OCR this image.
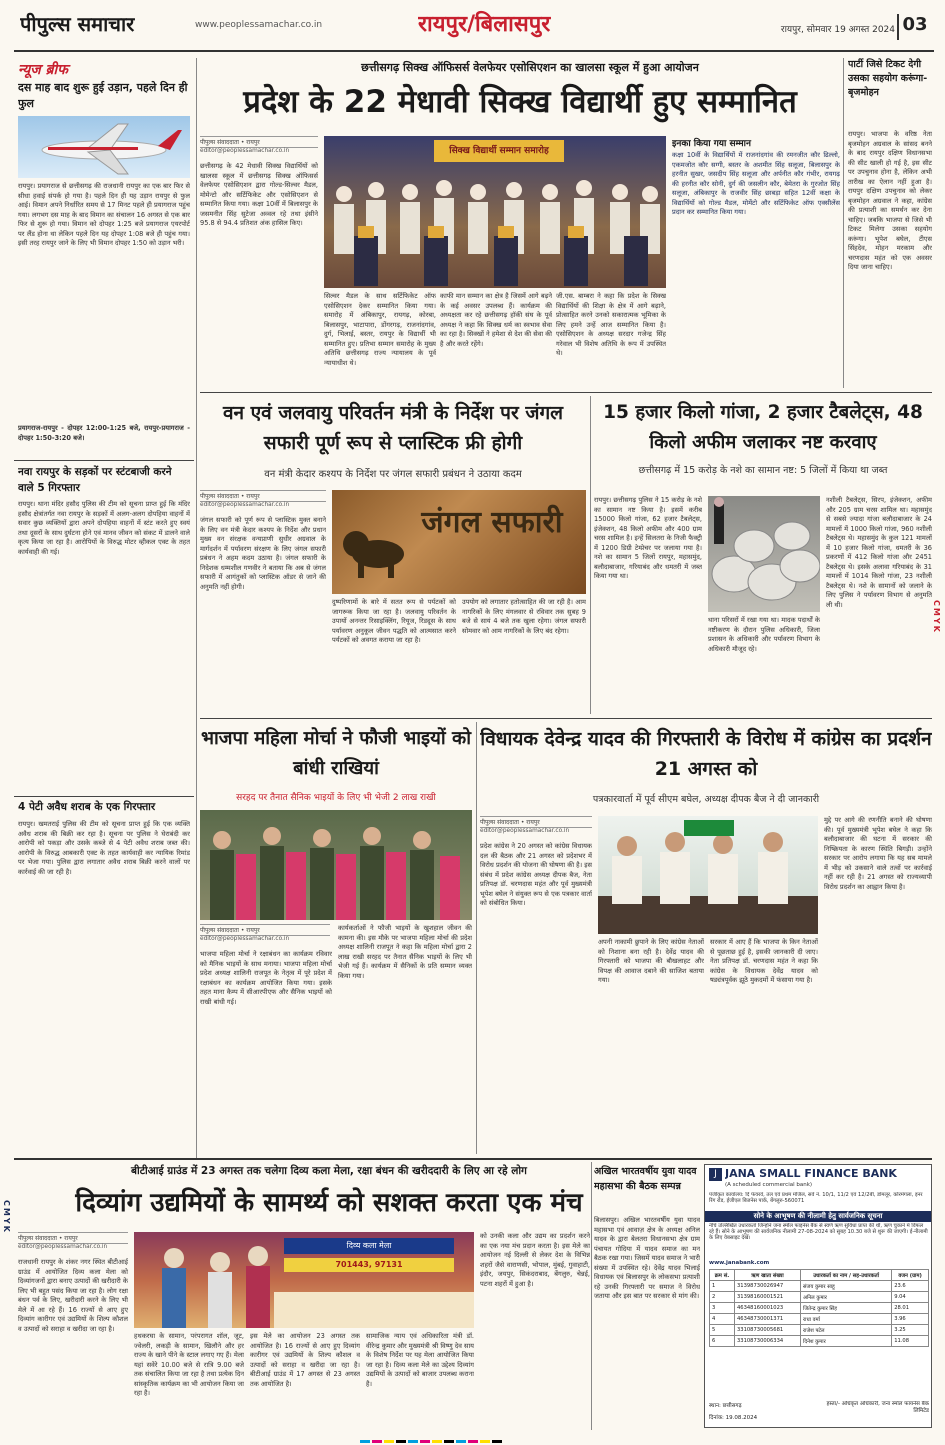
पीपुल्स समाचार	www.peoplessamachar.co.in	रायपुर/बिलासपुर	रायपुर, सोमवार 19 अगस्त 2024 03
न्यूज ब्रीफ
दस माह बाद शुरू हुई उड़ान, पहले दिन ही फुल
रायपुर। प्रयागराज से छत्तीसगढ़ की राजधानी रायपुर का एक बार फिर से सीधा हवाई संपर्क हो गया है। पहले दिन ही यह उड़ान रायपुर से फुल आई। विमान अपने निर्धारित समय से 17 मिनट पहले ही प्रयागराज पहुंच गया। लगभग दस माह के बाद विमान का संचालन 16 अगस्त से एक बार फिर से शुरू हो गया। विमान को दोपहर 1:25 बजे प्रयागराज एयरपोर्ट पर लैंड होना था लेकिन पहले दिन यह दोपहर 1:08 बजे ही पहुंच गया। इसी तरह रायपुर जाने के लिए भी विमान दोपहर 1:50 को उड़ान भरी।
प्रयागराज-रायपुर - दोपहर 12:00-1:25 बजे, रायपुर-प्रयागराज - दोपहर 1:50-3:20 बजे।
नवा रायपुर के सड़कों पर स्टंटबाजी करने वाले 5 गिरफ्तार
रायपुर। थाना मंदिर हसौद पुलिस की टीम को सूचना प्राप्त हुई कि मंदिर हसौद क्षेत्रांतर्गत नवा रायपुर के सड़कों में अलग-अलग दोपहिया वाहनों में सवार कुछ व्यक्तियों द्वारा अपने दोपहिया वाहनों में स्टंट करते हुए स्वयं तथा दूसरों के साथ दुर्घटना होने एवं मानव जीवन को संकट में डालने वाले कृत्य किया जा रहा है। आरोपियों के विरुद्ध मोटर व्हीकल एक्ट के तहत कार्यवाही की गई।
4 पेटी अवैध शराब के एक गिरफ्तार
रायपुर। खमतराई पुलिस की टीम को सूचना प्राप्त हुई कि एक व्यक्ति अवैध शराब की बिक्री कर रहा है। सूचना पर पुलिस ने घेराबंदी कर आरोपी को पकड़ा और उसके कब्जे से 4 पेटी अवैध शराब जब्त की। आरोपी के विरुद्ध आबकारी एक्ट के तहत कार्यवाही कर न्यायिक रिमांड पर भेजा गया। पुलिस द्वारा लगातार अवैध शराब बिक्री करने वालों पर कार्रवाई की जा रही है।
छत्तीसगढ़ सिक्ख ऑफिसर्स वेलफेयर एसोसिएशन का खालसा स्कूल में हुआ आयोजन
प्रदेश के 22 मेधावी सिक्ख विद्यार्थी हुए सम्मानित
पीपुल्स संवाददाता • रायपुर
editor@peoplessamachar.co.in
छत्तीसगढ़ के 42 मेधावी सिक्ख विद्यार्थियों को खालसा स्कूल में छत्तीसगढ़ सिक्ख ऑफिसर्स वेलफेयर एसोसिएशन द्वारा गोल्ड-सिल्वर मैडल, मोमेन्टो और सर्टिफिकेट और एसोसिएशन से सम्मानित किया गया। कक्षा 10वीं में बिलासपुर के जसमनीत सिंह सुटेजा अव्वल रहे तथा इंसीने 95.8 से 94.4 प्रतिशत अंक हासिल किए।
सिक्ख विद्यार्थी सम्मान समारोह
सिल्वर मैडल के साथ सर्टिफिकेट ऑफ एसोसिएशन देकर सम्मानित किया गया। समारोह में अंबिकापुर, रायगढ़, कोरबा, बिलासपुर, भाटापारा, डोंगरगढ़, राजनांदगांव, दुर्ग, भिलाई, बस्तर, रायपुर के विद्यार्थी भी सम्मानित हुए। प्रतिभा सम्मान समारोह के मुख्य अतिथि छत्तीसगढ़ राज्य न्यायालय के पूर्व न्यायाधीश थे।
काफी मान सम्मान का क्षेत्र है जिसमें आगे बढ़ने के कई अवसर उपलब्ध हैं। कार्यक्रम की अध्यक्षता कर रहे छत्तीसगढ़ हॉकी संघ के पूर्व अध्यक्ष ने कहा कि सिक्ख धर्म का स्वभाव सेवा का रहा है। सिक्खों ने हमेशा से देश की सेवा की है और करते रहेंगे।
जी.एस. बाम्बरा ने कहा कि प्रदेश के सिक्ख विद्यार्थियों की शिक्षा के क्षेत्र में आगे बढ़ाने, प्रोत्साहित करने उनको सकारात्मक भूमिका के लिए हमने उन्हें आज सम्मानित किया है। एसोसिएशन के अध्यक्ष सरदार गजेन्द्र सिंह गरेवाल भी विशेष अतिथि के रूप में उपस्थित थे।
इनका किया गया सम्मान
कक्षा 10वीं के विद्यार्थियों में राजनांदगांव की रमनजीत कौर ढिल्लो, एकमजोत कौर सग्गी, बस्तर के अशमीत सिंह सलूजा, बिलासपुर के हरनीत सुखर, जसदीप सिंह सलूजा और अर्पनीत कौर गंभीर, रायगढ़ की हरनीत कौर सोनी, दुर्ग की जसलीन कौर, बेमेतरा के गुरजोत सिंह सलूजा, अंबिकापुर के राजवीर सिंह छाबड़ा सहित 12वीं कक्षा के विद्यार्थियों को गोल्ड मैडल, मोमेंटो और सर्टिफिकेट ऑफ एक्सीलेंस प्रदान कर सम्मानित किया गया।
पार्टी जिसे टिकट देगी उसका सहयोग करूंगा-बृजमोहन
रायपुर। भाजपा के वरिष्ठ नेता बृजमोहन अग्रवाल के सांसद बनने के बाद रायपुर दक्षिण विधानसभा की सीट खाली हो गई है, इस सीट पर उपचुनाव होना है, लेकिन अभी तारीख का ऐलान नहीं हुआ है। रायपुर दक्षिण उपचुनाव को लेकर बृजमोहन अग्रवाल ने कहा, कांग्रेस की प्रत्याशी का समर्थन कर देना चाहिए। जबकि भाजपा से जिसे भी टिकट मिलेगा उसका सहयोग करूंगा। भूपेश बघेल, टीएस सिंहदेव, मोहन मरकाम और चरणदास महंत को एक अवसर दिया जाना चाहिए।
वन एवं जलवायु परिवर्तन मंत्री के निर्देश पर जंगल सफारी पूर्ण रूप से प्लास्टिक फ्री होगी
वन मंत्री केदार कश्यप के निर्देश पर जंगल सफारी प्रबंधन ने उठाया कदम
पीपुल्स संवाददाता • रायपुर
editor@peoplessamachar.co.in
जंगल सफारी को पूर्ण रूप से प्लास्टिक मुक्त बनाने के लिए वन मंत्री केदार कश्यप के निर्देश और प्रधान मुख्य वन संरक्षक वन्यप्राणी सुधीर अग्रवाल के मार्गदर्शन में पर्यावरण संरक्षण के लिए जंगल सफारी प्रबंधन ने अहम कदम उठाया है। जंगल सफारी के निदेशक धम्मशील गणवीर ने बताया कि अब से जंगल सफारी में आगंतुकों को प्लास्टिक ऑडर से जाने की अनुमति नहीं होगी।
जंगल सफारी
दुष्परिणामों के बारे में सतत रूप से पर्यटकों को जागरूक किया जा रहा है। जलवायु परिवर्तन के उपायों अनन्तर रिसाइक्लिंग, रियूज, रिड्यूस के साथ पर्यावरण अनुकूल जीवन पद्धति को आत्मसात करने पर्यटकों को अवगत कराया जा रहा है।
उपयोग को लगातार हतोत्साहित की जा रही है। आम नागरिकों के लिए मंगलवार से रविवार तक सुबह 9 बजे से सायं 4 बजे तक खुला रहेगा। जंगल सफारी सोमवार को आम नागरिकों के लिए बंद रहेगा।
15 हजार किलो गांजा, 2 हजार टैबलेट्स, 48 किलो अफीम जलाकर नष्ट करवाए
छत्तीसगढ़ में 15 करोड़ के नशे का सामान नष्ट: 5 जिलों में किया था जब्त
रायपुर। छत्तीसगढ़ पुलिस ने 15 करोड़ के नशे का सामान नष्ट किया है। इसमें करीब 15000 किलो गांजा, 62 हजार टैबलेट्स, इंजेक्शन, 48 किलो अफीम और 400 ग्राम चरस शामिल है। इन्हें सिलतरा के निजी फैक्ट्री में 1200 डिग्री टेम्प्रेचर पर जलाया गया है। नशे का सामान 5 जिलों रायपुर, महासमुंद, बलौदाबाजार, गरियाबंद और धमतरी में जब्त किया गया था।
थाना परिसरों में रखा गया था। मादक पदार्थों के नष्टीकरण के दौरान पुलिस अधिकारी, जिला प्रशासन के अधिकारी और पर्यावरण विभाग के अधिकारी मौजूद रहे।
नशीली टैबलेट्स, सिरप, इंजेक्शन, अफीम और 205 ग्राम चरस शामिल था। महासमुंद से सबसे ज्यादा गांजा बलौदाबाजार के 24 मामलों में 1000 किलो गांजा, 960 नशीली टैबलेट्स थे। महासमुंद के कुल 121 मामलों में 10 हजार किलो गांजा, धमतरी के 36 प्रकरणों में 412 किलो गांजा और 2451 टैबलेट्स थे। इसके अलावा गरियाबंद के 31 मामलों में 1014 किलो गांजा, 23 नशीली टैबलेट्स थे। नशे के सामानों को जलाने के लिए पुलिस ने पर्यावरण विभाग से अनुमति ली थी।
भाजपा महिला मोर्चा ने फौजी भाइयों को बांधी राखियां
सरहद पर तैनात सैनिक भाइयों के लिए भी भेजी 2 लाख राखी
पीपुल्स संवाददाता • रायपुर
editor@peoplessamachar.co.in
भाजपा महिला मोर्चा ने रक्षाबंधन का कार्यक्रम रविवार को मैनिक भाइयों के साथ मनाया। भाजपा महिला मोर्चा प्रदेश अध्यक्ष शालिनी राजपूत के नेतृत्व में पूरे प्रदेश में रक्षाबंधन का कार्यक्रम आयोजित किया गया। इसके तहत माना कैम्प में सीआरपीएफ और सैनिक भाइयों को राखी बांधी गई।
कार्यकर्ताओं ने फौजी भाइयों के खुशहाल जीवन की कामना की। इस मौके पर भाजपा महिला मोर्चा की प्रदेश अध्यक्ष शालिनी राजपूत ने कहा कि महिला मोर्चा द्वारा 2 लाख राखी सरहद पर तैनात सैनिक भाइयों के लिए भी भेजी गई हैं। कार्यक्रम में सैनिकों के प्रति सम्मान व्यक्त किया गया।
विधायक देवेन्द्र यादव की गिरफ्तारी के विरोध में कांग्रेस का प्रदर्शन 21 अगस्त को
पत्रकारवार्ता में पूर्व सीएम बघेल, अध्यक्ष दीपक बैज ने दी जानकारी
पीपुल्स संवाददाता • रायपुर
editor@peoplessamachar.co.in
प्रदेश कांग्रेस ने 20 अगस्त को कांग्रेस विधायक दल की बैठक और 21 अगस्त को प्रदेशभर में विरोध प्रदर्शन की योजना की घोषणा की है। इस संबंध में प्रदेश कांग्रेस अध्यक्ष दीपक बैज, नेता प्रतिपक्ष डॉ. चरणदास महंत और पूर्व मुख्यमंत्री भूपेश बघेल ने संयुक्त रूप से एक पत्रकार वार्ता को संबोधित किया।
अपनी नाकामी छुपाने के लिए कांग्रेस नेताओं को निशाना बना रही है। देवेंद्र यादव की गिरफ्तारी को भाजपा की बौखलाहट और विपक्ष की आवाज दबाने की साजिश बताया गया।
सरकार में आए हैं कि भाजपा के किन नेताओं से पूछताछ हुई है, इसकी जानकारी दी जाए। नेता प्रतिपक्ष डॉ. चरणदास महंत ने कहा कि कांग्रेस के विधायक देवेंद्र यादव को षड्यंत्रपूर्वक झूठे मुकदमों में फंसाया गया है।
मुद्दे पर आगे की रणनीति बनाने की घोषणा की। पूर्व मुख्यमंत्री भूपेश बघेल ने कहा कि बलौदाबाजार की घटना में सरकार की निष्क्रियता के कारण स्थिति बिगड़ी। उन्होंने सरकार पर आरोप लगाया कि यह सब मामले में भीड़ को उकसाने वाले तत्वों पर कार्रवाई नहीं कर रही है। 21 अगस्त को राज्यव्यापी विरोध प्रदर्शन का आह्वान किया है।
बीटीआई ग्राउंड में 23 अगस्त तक चलेगा दिव्य कला मेला, रक्षा बंधन की खरीददारी के लिए आ रहे लोग
दिव्यांग उद्यमियों के सामर्थ्य को सशक्त करता एक मंच
पीपुल्स संवाददाता • रायपुर
editor@peoplessamachar.co.in
राजधानी रायपुर के शंकर नगर स्थित बीटीआई ग्राउंड में आयोजित दिव्य कला मेला को दिव्यांगजनों द्वारा बनाए उत्पादों की खरीदारी के लिए भी बहुत पसंद किया जा रहा है। लोग रक्षा बंधन पर्व के लिए, खरीदारी करने के लिए भी मेले में आ रहे हैं। 16 राज्यों से आए हुए दिव्यांग कारीगर एवं उद्यमियों के शिल्प कौशल व उत्पादों को सराहा व खरीदा जा रहा है।
दिव्य कला मेला
701443, 97131
हथकरघा के सामान, परंपरागत शॉल, जूट, ज्वेलरी, लकड़ी के सामान, खिलौने और हर राज्य के खाने पीने के स्टाल लगाए गए हैं। मेला यहां सवेरे 10.00 बजे से रात्रि 9.00 बजे तक संचालित किया जा रहा है तथा प्रत्येक दिन सांस्कृतिक कार्यक्रम का भी आयोजन किया जा रहा है।
इस मेले का आयोजन 23 अगस्त तक आयोजित है। 16 राज्यों से आए हुए दिव्यांग कारीगर एवं उद्यमियों के शिल्प कौशल व उत्पादों को सराहा व खरीदा जा रहा है। बीटीआई ग्राउंड में 17 अगस्त से 23 अगस्त तक आयोजित है।
सामाजिक न्याय एवं अधिकारिता मंत्री डॉ. वीरेन्द्र कुमार और मुख्यमंत्री श्री विष्णु देव साय के विशेष निर्देश पर यह मेला आयोजित किया जा रहा है। दिव्य कला मेले का उद्देश्य दिव्यांग उद्यमियों के उत्पादों को बाजार उपलब्ध कराना है।
को उनकी कला और उद्यम का प्रदर्शन करने का एक नया मंच प्रदान करता है। इस मेले का आयोजन नई दिल्ली से लेकर देश के विभिन्न शहरों जैसे वाराणसी, भोपाल, मुंबई, गुवाहाटी, इंदौर, जयपुर, सिकंदराबाद, बेंगलुरु, चेन्नई, पटना शहरों में हुआ है।
अखिल भारतवर्षीय युवा यादव महासभा की बैठक सम्पन्न
बिलासपुर। अखिल भारतवर्षीय युवा यादव महासभा एवं आवाज़ क्षेत्र के अध्यक्ष अनिल यादव के द्वारा बेलतरा विधानसभा क्षेत्र ग्राम पंचायत गोदिया में यादव समाज का मन बैठक रखा गया। जिसमें यादव समाज ने भारी संख्या में उपस्थित रहे। देवेंद्र यादव भिलाई विधायक एवं बिलासपुर के लोकसभा प्रत्याशी रहे उनकी गिरफ्तारी पर समाज ने विरोध जताया और इस बात पर सरकार से मांग की।
JANA SMALL FINANCE BANK
J
(A scheduled commercial bank)
पंजीकृत कार्यालय: दि फेयरवे, तल एवं प्रथम मंजिल, सर्वे नं. 10/1, 11/2 एवं 12/2बी, डोमलूर, कोरमंगला, इनर रिंग रोड, ईजीएल बिजनेस पार्क, बेंगलुरु-560071
सोने के आभूषण की नीलामी हेतु सार्वजनिक सूचना
नीचे उल्लिखित उधारकर्ता जिन्होंने जना स्मॉल फाइनेंस बैंक से स्वर्ण ऋण सुविधा प्राप्त की थी, ऋण चुकाने में विफल रहे हैं। सोने के आभूषण की सार्वजनिक नीलामी 27-08-2024 को सुबह 10.30 बजे से शुरू की जाएगी। ई-नीलामी के लिए वेबसाइट देखें।
www.janabank.com
क्रम सं.	ऋण खाता संख्या	उधारकर्ता का नाम / सह-उधारकर्ता	वजन (ग्राम)
1	31398730026947	संजय कुमार साहू	23.6
2	31398160001521	अनिल कुमार	9.04
3	46348160001023	जितेन्द्र कुमार सिंह	28.01
4	46348730001371	राधा वर्मा	3.96
5	33108730005681	राजेश पटेल	3.25
6	33108730006334	दिनेश कुमार	11.08
स्थान: छत्तीसगढ़
दिनांक: 19.08.2024
हस्ता/- अधिकृत अधिकारी, जना स्मॉल फायनेंस बैंक लिमिटेड
CMYK
CMYK
